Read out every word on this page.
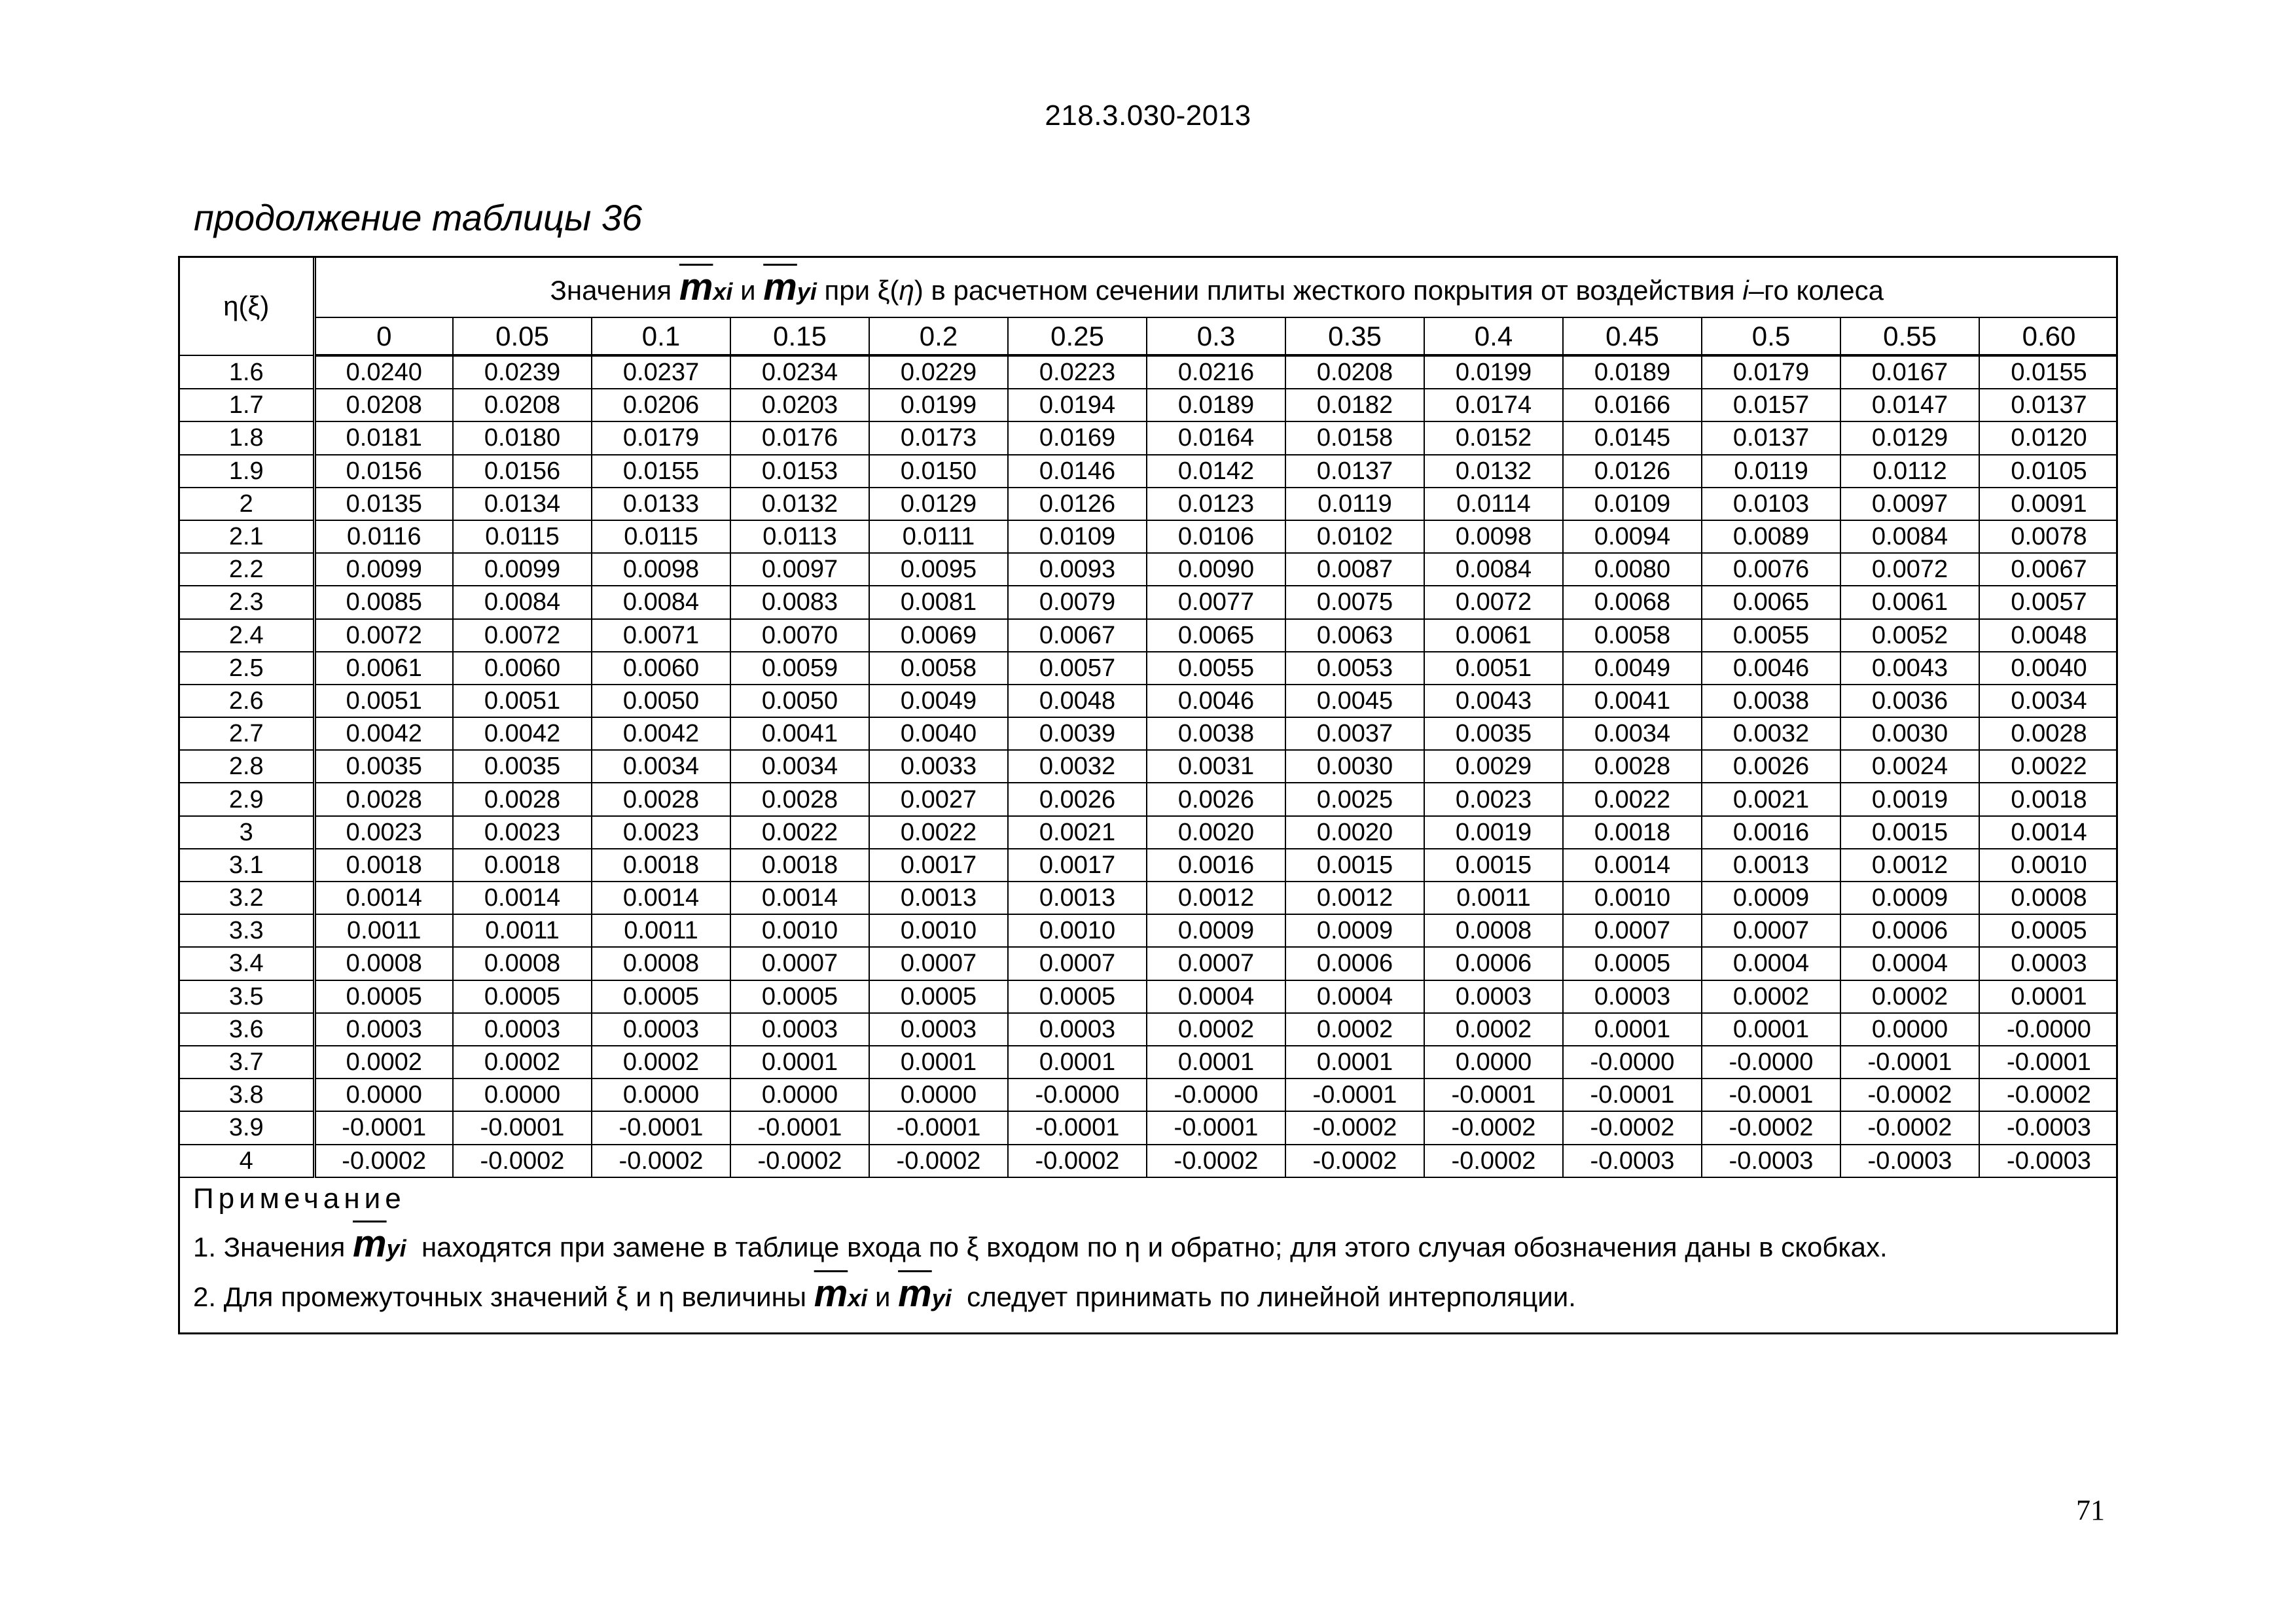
218.3.030-2013
продолжение таблицы 36
η(ξ)	Значения $\overline{m}xi$ и $\overline{m}yi$ при ξ(η) в расчетном сечении плиты жесткого покрытия от воздействия i–го колеса												
	0	0.05	0.1	0.15	0.2	0.25	0.3	0.35	0.4	0.45	0.5	0.55	0.60
1.6	0.0240	0.0239	0.0237	0.0234	0.0229	0.0223	0.0216	0.0208	0.0199	0.0189	0.0179	0.0167	0.0155
1.7	0.0208	0.0208	0.0206	0.0203	0.0199	0.0194	0.0189	0.0182	0.0174	0.0166	0.0157	0.0147	0.0137
1.8	0.0181	0.0180	0.0179	0.0176	0.0173	0.0169	0.0164	0.0158	0.0152	0.0145	0.0137	0.0129	0.0120
1.9	0.0156	0.0156	0.0155	0.0153	0.0150	0.0146	0.0142	0.0137	0.0132	0.0126	0.0119	0.0112	0.0105
2	0.0135	0.0134	0.0133	0.0132	0.0129	0.0126	0.0123	0.0119	0.0114	0.0109	0.0103	0.0097	0.0091
2.1	0.0116	0.0115	0.0115	0.0113	0.0111	0.0109	0.0106	0.0102	0.0098	0.0094	0.0089	0.0084	0.0078
2.2	0.0099	0.0099	0.0098	0.0097	0.0095	0.0093	0.0090	0.0087	0.0084	0.0080	0.0076	0.0072	0.0067
2.3	0.0085	0.0084	0.0084	0.0083	0.0081	0.0079	0.0077	0.0075	0.0072	0.0068	0.0065	0.0061	0.0057
2.4	0.0072	0.0072	0.0071	0.0070	0.0069	0.0067	0.0065	0.0063	0.0061	0.0058	0.0055	0.0052	0.0048
2.5	0.0061	0.0060	0.0060	0.0059	0.0058	0.0057	0.0055	0.0053	0.0051	0.0049	0.0046	0.0043	0.0040
2.6	0.0051	0.0051	0.0050	0.0050	0.0049	0.0048	0.0046	0.0045	0.0043	0.0041	0.0038	0.0036	0.0034
2.7	0.0042	0.0042	0.0042	0.0041	0.0040	0.0039	0.0038	0.0037	0.0035	0.0034	0.0032	0.0030	0.0028
2.8	0.0035	0.0035	0.0034	0.0034	0.0033	0.0032	0.0031	0.0030	0.0029	0.0028	0.0026	0.0024	0.0022
2.9	0.0028	0.0028	0.0028	0.0028	0.0027	0.0026	0.0026	0.0025	0.0023	0.0022	0.0021	0.0019	0.0018
3	0.0023	0.0023	0.0023	0.0022	0.0022	0.0021	0.0020	0.0020	0.0019	0.0018	0.0016	0.0015	0.0014
3.1	0.0018	0.0018	0.0018	0.0018	0.0017	0.0017	0.0016	0.0015	0.0015	0.0014	0.0013	0.0012	0.0010
3.2	0.0014	0.0014	0.0014	0.0014	0.0013	0.0013	0.0012	0.0012	0.0011	0.0010	0.0009	0.0009	0.0008
3.3	0.0011	0.0011	0.0011	0.0010	0.0010	0.0010	0.0009	0.0009	0.0008	0.0007	0.0007	0.0006	0.0005
3.4	0.0008	0.0008	0.0008	0.0007	0.0007	0.0007	0.0007	0.0006	0.0006	0.0005	0.0004	0.0004	0.0003
3.5	0.0005	0.0005	0.0005	0.0005	0.0005	0.0005	0.0004	0.0004	0.0003	0.0003	0.0002	0.0002	0.0001
3.6	0.0003	0.0003	0.0003	0.0003	0.0003	0.0003	0.0002	0.0002	0.0002	0.0001	0.0001	0.0000	-0.0000
3.7	0.0002	0.0002	0.0002	0.0001	0.0001	0.0001	0.0001	0.0001	0.0000	-0.0000	-0.0000	-0.0001	-0.0001
3.8	0.0000	0.0000	0.0000	0.0000	0.0000	-0.0000	-0.0000	-0.0001	-0.0001	-0.0001	-0.0001	-0.0002	-0.0002
3.9	-0.0001	-0.0001	-0.0001	-0.0001	-0.0001	-0.0001	-0.0001	-0.0002	-0.0002	-0.0002	-0.0002	-0.0002	-0.0003
4	-0.0002	-0.0002	-0.0002	-0.0002	-0.0002	-0.0002	-0.0002	-0.0002	-0.0002	-0.0003	-0.0003	-0.0003	-0.0003

Примечание
1. Значения $\overline{m}yi$ находятся при замене в таблице входа по ξ входом по η и обратно; для этого случая обозначения даны в скобках.
2. Для промежуточных значений ξ и η величины $\overline{m}xi$ и $\overline{m}yi$ следует принимать по линейной интерполяции.													
71
